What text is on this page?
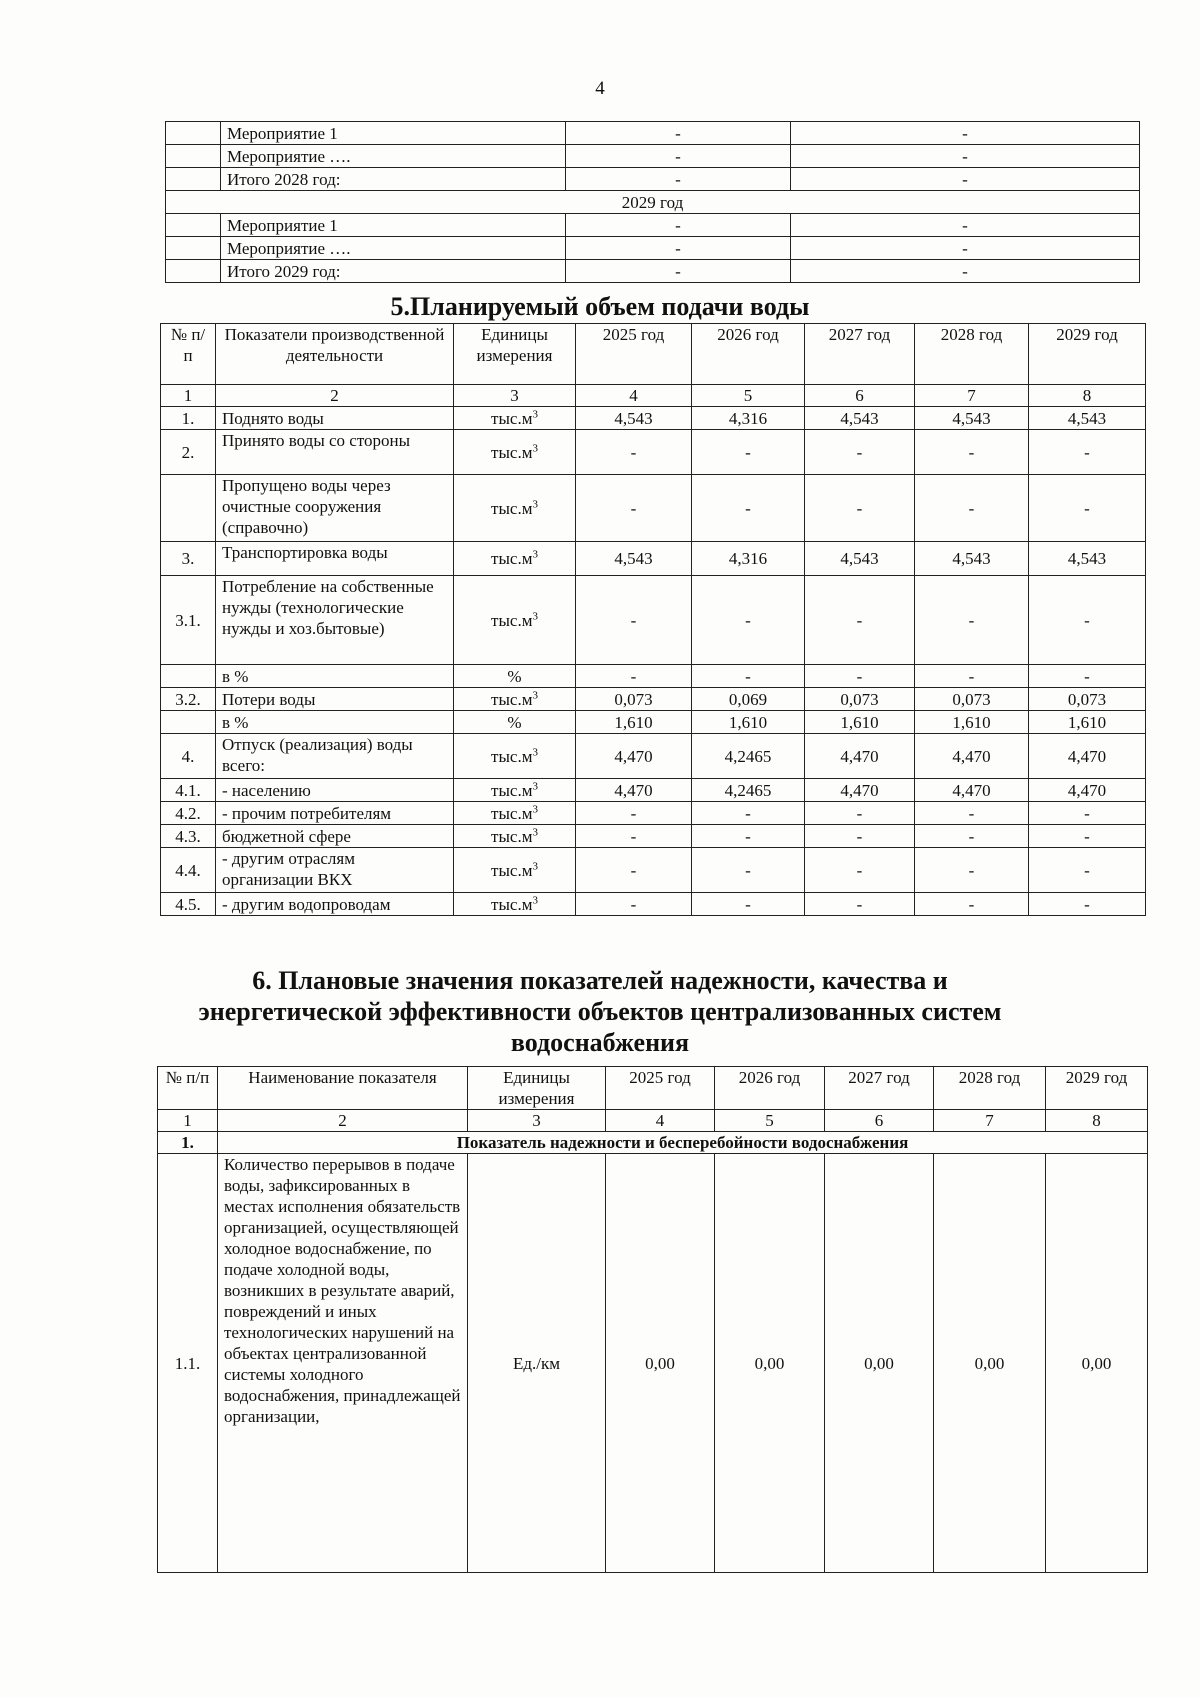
4
	Мероприятие 1	-	-
	Мероприятие ….	-	-
	Итого 2028 год:	-	-
2029 год			
	Мероприятие 1	-	-
	Мероприятие ….	-	-
	Итого 2029 год:	-	-
5.Планируемый объем подачи воды
№ п/п	Показатели производственной деятельности	Единицы измерения	2025 год	2026 год	2027 год	2028 год	2029 год
1	2	3	4	5	6	7	8
1.	Поднято воды	$тыс.м^3$	4,543	4,316	4,543	4,543	4,543
2.	Принято воды со стороны	$тыс.м^3$	-	-	-	-	-
	Пропущено воды через очистные сооружения (справочно)	$тыс.м^3$	-	-	-	-	-
3.	Транспортировка воды	$тыс.м^3$	4,543	4,316	4,543	4,543	4,543
3.1.	Потребление на собственные нужды (технологические нужды и хоз.бытовые)	$тыс.м^3$	-	-	-	-	-
	в %	%	-	-	-	-	-
3.2.	Потери воды	$тыс.м^3$	0,073	0,069	0,073	0,073	0,073
	в %	%	1,610	1,610	1,610	1,610	1,610
4.	Отпуск (реализация) воды всего:	$тыс.м^3$	4,470	4,2465	4,470	4,470	4,470
4.1.	- населению	$тыс.м^3$	4,470	4,2465	4,470	4,470	4,470
4.2.	- прочим потребителям	$тыс.м^3$	-	-	-	-	-
4.3.	бюджетной сфере	$тыс.м^3$	-	-	-	-	-
4.4.	- другим отраслям организации ВКХ	$тыс.м^3$	-	-	-	-	-
4.5.	- другим водопроводам	$тыс.м^3$	-	-	-	-	-
6. Плановые значения показателей надежности, качества и
энергетической эффективности объектов централизованных систем
водоснабжения
№ п/п	Наименование показателя	Единицы измерения	2025 год	2026 год	2027 год	2028 год	2029 год
1	2	3	4	5	6	7	8
1.	Показатель надежности и бесперебойности водоснабжения						
1.1.	Количество перерывов в подаче воды, зафиксированных в местах исполнения обязательств организацией, осуществляющей холодное водоснабжение, по подаче холодной воды, возникших в результате аварий, повреждений и иных технологических нарушений на объектах централизованной системы холодного водоснабжения, принадлежащей организации,	Ед./км	0,00	0,00	0,00	0,00	0,00
